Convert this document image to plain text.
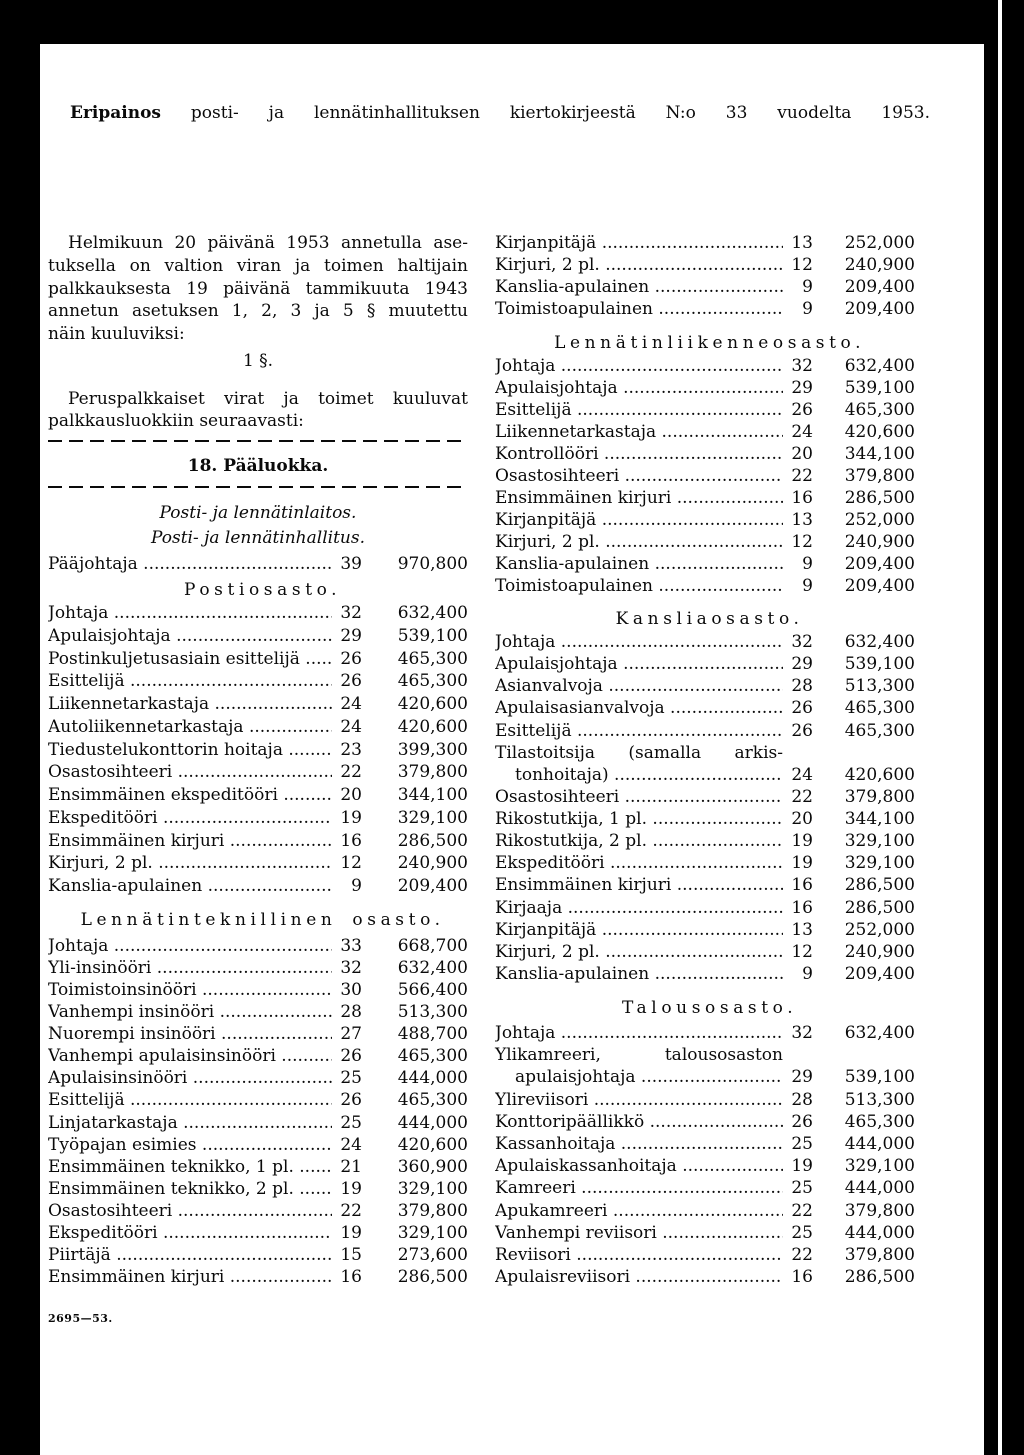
Eripainos posti- ja lennätinhallituksen kiertokirjeestä N:o 33 vuodelta 1953.
Helmikuun 20 päivänä 1953 annetulla ase-
tuksella on valtion viran ja toimen haltijain
palkkauksesta 19 päivänä tammikuuta 1943
annetun asetuksen 1, 2, 3 ja 5 § muutettu
näin kuuluviksi:
1 §.
Peruspalkkaiset virat ja toimet kuuluvat
palkkausluokkiin seuraavasti:
18. Pääluokka.
Posti- ja lennätinlaitos.
Posti- ja lennätinhallitus.
Pääjohtaja .....	39	970,800
Postiosasto.
Johtaja .....	32	632,400
Apulaisjohtaja .....	29	539,100
Postinkuljetusasiain esittelijä .....	26	465,300
Esittelijä .....	26	465,300
Liikennetarkastaja .....	24	420,600
Autoliikennetarkastaja .....	24	420,600
Tiedustelukonttorin hoitaja .....	23	399,300
Osastosihteeri .....	22	379,800
Ensimmäinen ekspeditööri .....	20	344,100
Ekspeditööri .....	19	329,100
Ensimmäinen kirjuri .....	16	286,500
Kirjuri, 2 pl. .....	12	240,900
Kanslia-apulainen .....	9	209,400
Lennätinteknillinen osasto.
Johtaja .....	33	668,700
Yli-insinööri .....	32	632,400
Toimistoinsinööri .....	30	566,400
Vanhempi insinööri .....	28	513,300
Nuorempi insinööri .....	27	488,700
Vanhempi apulaisinsinööri .....	26	465,300
Apulaisinsinööri .....	25	444,000
Esittelijä .....	26	465,300
Linjatarkastaja .....	25	444,000
Työpajan esimies .....	24	420,600
Ensimmäinen teknikko, 1 pl. .....	21	360,900
Ensimmäinen teknikko, 2 pl. .....	19	329,100
Osastosihteeri .....	22	379,800
Ekspeditööri .....	19	329,100
Piirtäjä .....	15	273,600
Ensimmäinen kirjuri .....	16	286,500
2695—53.
Kirjanpitäjä .....	13	252,000
Kirjuri, 2 pl. .....	12	240,900
Kanslia-apulainen .....	9	209,400
Toimistoapulainen .....	9	209,400
Lennätinliikenneosasto.
Johtaja .....	32	632,400
Apulaisjohtaja .....	29	539,100
Esittelijä .....	26	465,300
Liikennetarkastaja .....	24	420,600
Kontrollööri .....	20	344,100
Osastosihteeri .....	22	379,800
Ensimmäinen kirjuri .....	16	286,500
Kirjanpitäjä .....	13	252,000
Kirjuri, 2 pl. .....	12	240,900
Kanslia-apulainen .....	9	209,400
Toimistoapulainen .....	9	209,400
Kansliaosasto.
Johtaja .....	32	632,400
Apulaisjohtaja .....	29	539,100
Asianvalvoja .....	28	513,300
Apulaisasianvalvoja .....	26	465,300
Esittelijä .....	26	465,300
Tilastoitsija (samalla arkis-
tonhoitaja) .....	24	420,600
Osastosihteeri .....	22	379,800
Rikostutkija, 1 pl. .....	20	344,100
Rikostutkija, 2 pl. .....	19	329,100
Ekspeditööri .....	19	329,100
Ensimmäinen kirjuri .....	16	286,500
Kirjaaja .....	16	286,500
Kirjanpitäjä .....	13	252,000
Kirjuri, 2 pl. .....	12	240,900
Kanslia-apulainen .....	9	209,400
Talousosasto.
Johtaja .....	32	632,400
Ylikamreeri, talousosaston
apulaisjohtaja .....	29	539,100
Ylireviisori .....	28	513,300
Konttoripäällikkö .....	26	465,300
Kassanhoitaja .....	25	444,000
Apulaiskassanhoitaja .....	19	329,100
Kamreeri .....	25	444,000
Apukamreeri .....	22	379,800
Vanhempi reviisori .....	25	444,000
Reviisori .....	22	379,800
Apulaisreviisori .....	16	286,500
